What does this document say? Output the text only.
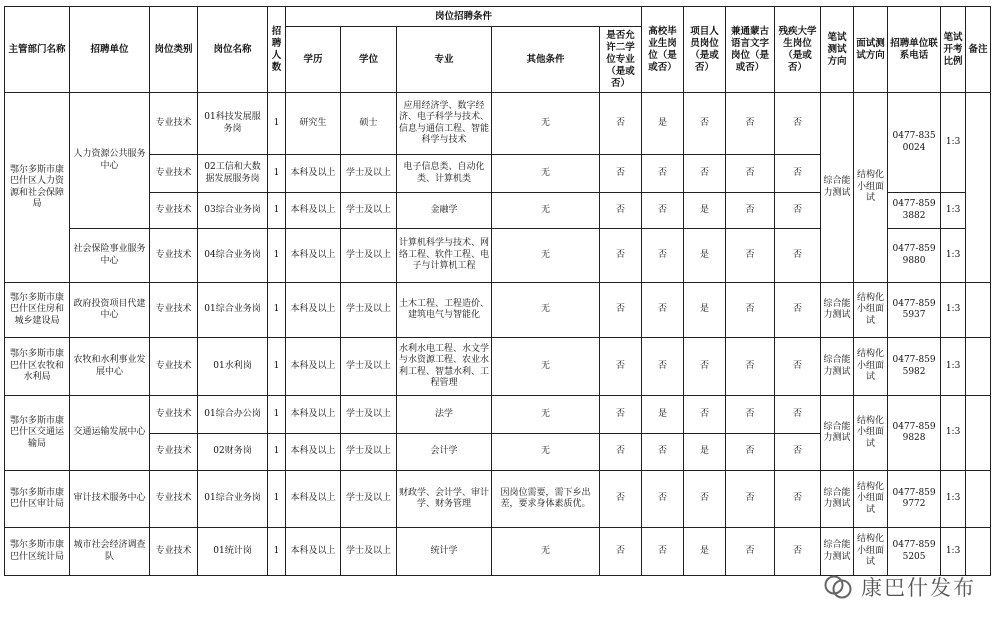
主管部门名称	招聘单位	岗位类别	岗位名称	招聘人数	岗位招聘条件					高校毕业生岗位（是或否）	项目人员岗位（是或否）	兼通蒙古语言文字岗位（是或否）	残疾大学生岗位（是或否）	笔试测试方向	面试测试方向	招聘单位联系电话	笔试开考比例	备注
					学历	学位	专业	其他条件	是否允许二学位专业（是或否）									
鄂尔多斯市康巴什区人力资源和社会保障局	人力资源公共服务中心	专业技术	01科技发展服务岗	1	研究生	硕士	应用经济学、数字经济、电子科学与技术、信息与通信工程、智能科学与技术	无	否	是	否	否	否	综合能力测试	结构化小组面试	0477-8350024	1:3	
		专业技术	02工信和大数据发展服务岗	1	本科及以上	学士及以上	电子信息类、自动化类、计算机类	无	否	否	否	否	否					
		专业技术	03综合业务岗	1	本科及以上	学士及以上	金融学	无	否	否	是	否	否			0477-8593882	1:3	
	社会保险事业服务中心	专业技术	04综合业务岗	1	本科及以上	学士及以上	计算机科学与技术、网络工程、软件工程、电子与计算机工程	无	否	否	是	否	否			0477-8599880	1:3	
鄂尔多斯市康巴什区住房和城乡建设局	政府投资项目代建中心	专业技术	01综合业务岗	1	本科及以上	学士及以上	土木工程、工程造价、建筑电气与智能化	无	否	否	是	否	否	综合能力测试	结构化小组面试	0477-8595937	1:3	
鄂尔多斯市康巴什区农牧和水利局	农牧和水利事业发展中心	专业技术	01水利岗	1	本科及以上	学士及以上	水利水电工程、水文学与水资源工程、农业水利工程、智慧水利、工程管理	无	否	否	否	否	否	综合能力测试	结构化小组面试	0477-8595982	1:3	
鄂尔多斯市康巴什区交通运输局	交通运输发展中心	专业技术	01综合办公岗	1	本科及以上	学士及以上	法学	无	否	是	否	否	否	综合能力测试	结构化小组面试	0477-8599828	1:3	
		专业技术	02财务岗	1	本科及以上	学士及以上	会计学	无	否	否	是	否	否					
鄂尔多斯市康巴什区审计局	审计技术服务中心	专业技术	01综合业务岗	1	本科及以上	学士及以上	财政学、会计学、审计学、财务管理	因岗位需要，需下乡出差，要求身体素质优。	否	否	否	否	否	综合能力测试	结构化小组面试	0477-8599772	1:3	
鄂尔多斯市康巴什区统计局	城市社会经济调查队	专业技术	01统计岗	1	本科及以上	学士及以上	统计学	无	否	否	是	否	否	综合能力测试	结构化小组面试	0477-8595205	1:3	
康巴什发布
